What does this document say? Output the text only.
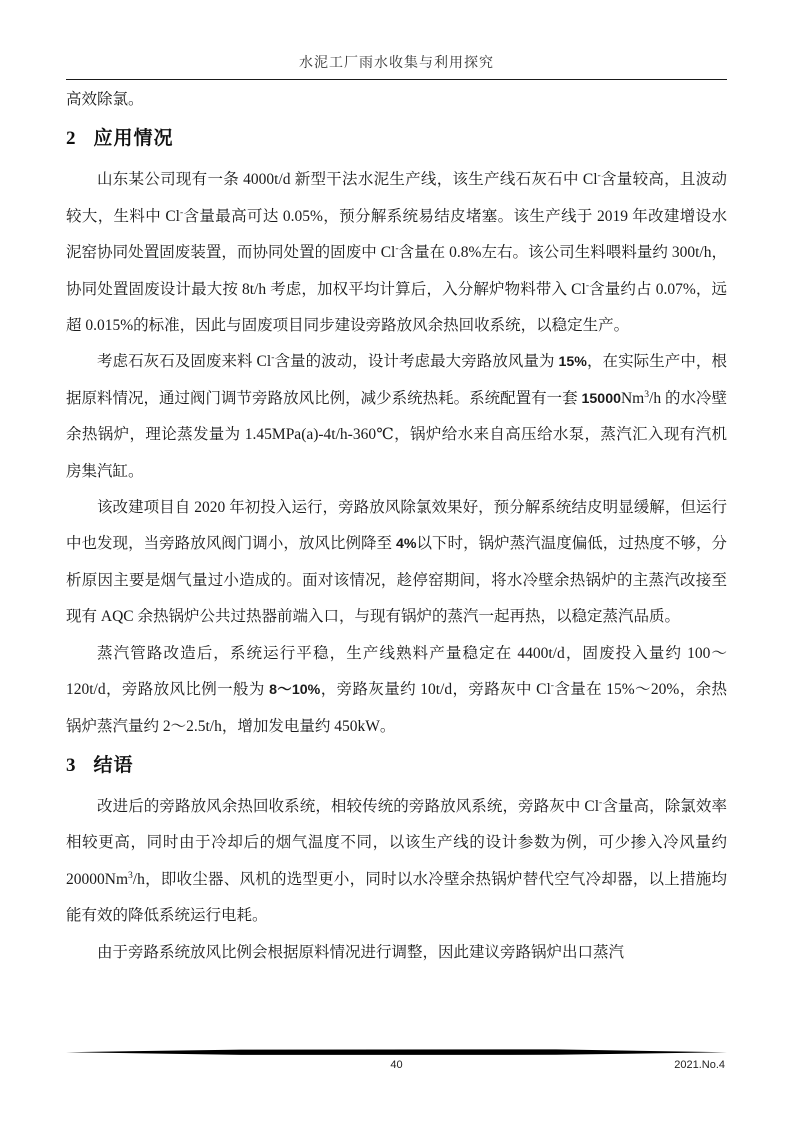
水泥工厂雨水收集与利用探究

高效除氯。

2 应用情况

山东某公司现有一条 4000t/d 新型干法水泥生产线，该生产线石灰石中 Cl-含量较高，且波动较大，生料中 Cl-含量最高可达 0.05%，预分解系统易结皮堵塞。该生产线于 2019 年改建增设水泥窑协同处置固废装置，而协同处置的固废中 Cl-含量在 0.8%左右。该公司生料喂料量约 300t/h，协同处置固废设计最大按 8t/h 考虑，加权平均计算后，入分解炉物料带入 Cl-含量约占 0.07%，远超 0.015%的标准，因此与固废项目同步建设旁路放风余热回收系统，以稳定生产。

考虑石灰石及固废来料 Cl-含量的波动，设计考虑最大旁路放风量为 15%，在实际生产中，根据原料情况，通过阀门调节旁路放风比例，减少系统热耗。系统配置有一套 15000Nm$^3$/h 的水冷壁余热锅炉，理论蒸发量为 1.45MPa(a)-4t/h-360℃，锅炉给水来自高压给水泵，蒸汽汇入现有汽机房集汽缸。

该改建项目自 2020 年初投入运行，旁路放风除氯效果好，预分解系统结皮明显缓解，但运行中也发现，当旁路放风阀门调小，放风比例降至 4%以下时，锅炉蒸汽温度偏低，过热度不够，分析原因主要是烟气量过小造成的。面对该情况，趁停窑期间，将水冷壁余热锅炉的主蒸汽改接至现有 AQC 余热锅炉公共过热器前端入口，与现有锅炉的蒸汽一起再热，以稳定蒸汽品质。

蒸汽管路改造后，系统运行平稳，生产线熟料产量稳定在 4400t/d，固废投入量约 100～120t/d，旁路放风比例一般为 8～10%，旁路灰量约 10t/d，旁路灰中 Cl-含量在 15%～20%，余热锅炉蒸汽量约 2～2.5t/h，增加发电量约 450kW。

3 结语

改进后的旁路放风余热回收系统，相较传统的旁路放风系统，旁路灰中 Cl-含量高，除氯效率相较更高，同时由于冷却后的烟气温度不同，以该生产线的设计参数为例，可少掺入冷风量约 20000Nm$^3$/h，即收尘器、风机的选型更小，同时以水冷壁余热锅炉替代空气冷却器，以上措施均能有效的降低系统运行电耗。

由于旁路系统放风比例会根据原料情况进行调整，因此建议旁路锅炉出口蒸汽

40	2021.No.4
